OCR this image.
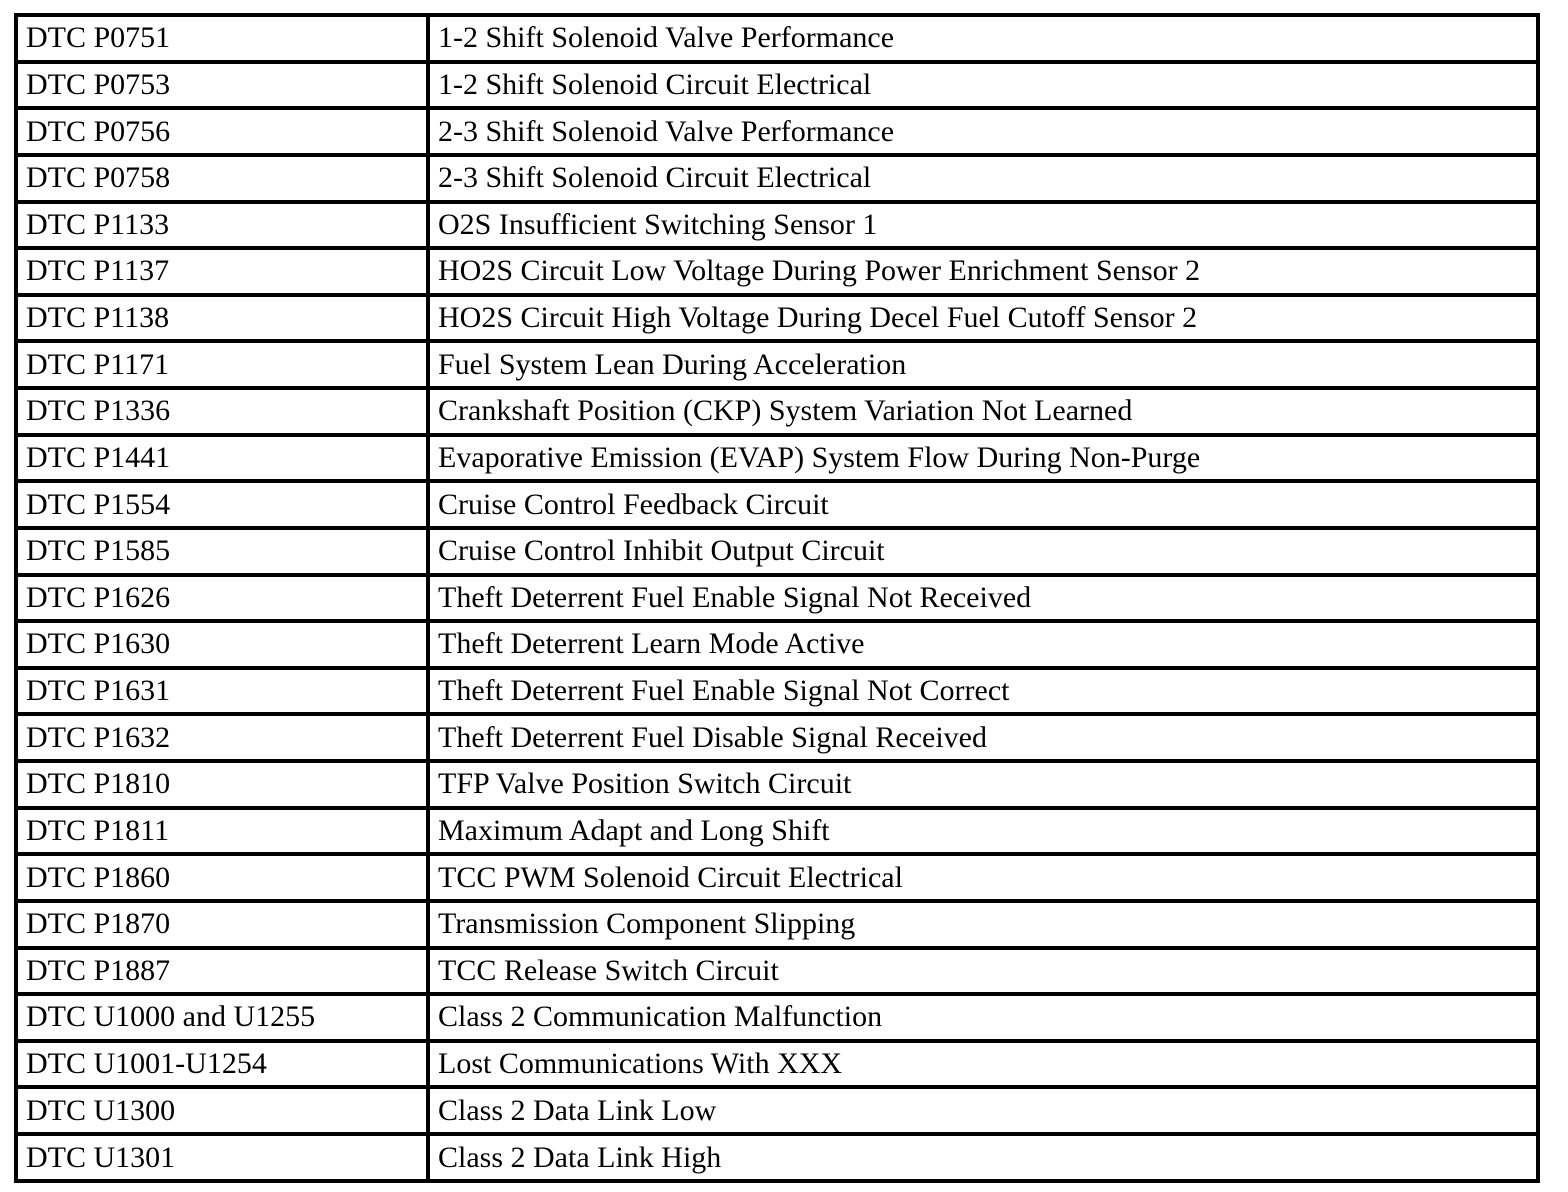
DTC P0751	1-2 Shift Solenoid Valve Performance
DTC P0753	1-2 Shift Solenoid Circuit Electrical
DTC P0756	2-3 Shift Solenoid Valve Performance
DTC P0758	2-3 Shift Solenoid Circuit Electrical
DTC P1133	O2S Insufficient Switching Sensor 1
DTC P1137	HO2S Circuit Low Voltage During Power Enrichment Sensor 2
DTC P1138	HO2S Circuit High Voltage During Decel Fuel Cutoff Sensor 2
DTC P1171	Fuel System Lean During Acceleration
DTC P1336	Crankshaft Position (CKP) System Variation Not Learned
DTC P1441	Evaporative Emission (EVAP) System Flow During Non-Purge
DTC P1554	Cruise Control Feedback Circuit
DTC P1585	Cruise Control Inhibit Output Circuit
DTC P1626	Theft Deterrent Fuel Enable Signal Not Received
DTC P1630	Theft Deterrent Learn Mode Active
DTC P1631	Theft Deterrent Fuel Enable Signal Not Correct
DTC P1632	Theft Deterrent Fuel Disable Signal Received
DTC P1810	TFP Valve Position Switch Circuit
DTC P1811	Maximum Adapt and Long Shift
DTC P1860	TCC PWM Solenoid Circuit Electrical
DTC P1870	Transmission Component Slipping
DTC P1887	TCC Release Switch Circuit
DTC U1000 and U1255	Class 2 Communication Malfunction
DTC U1001-U1254	Lost Communications With XXX
DTC U1300	Class 2 Data Link Low
DTC U1301	Class 2 Data Link High
